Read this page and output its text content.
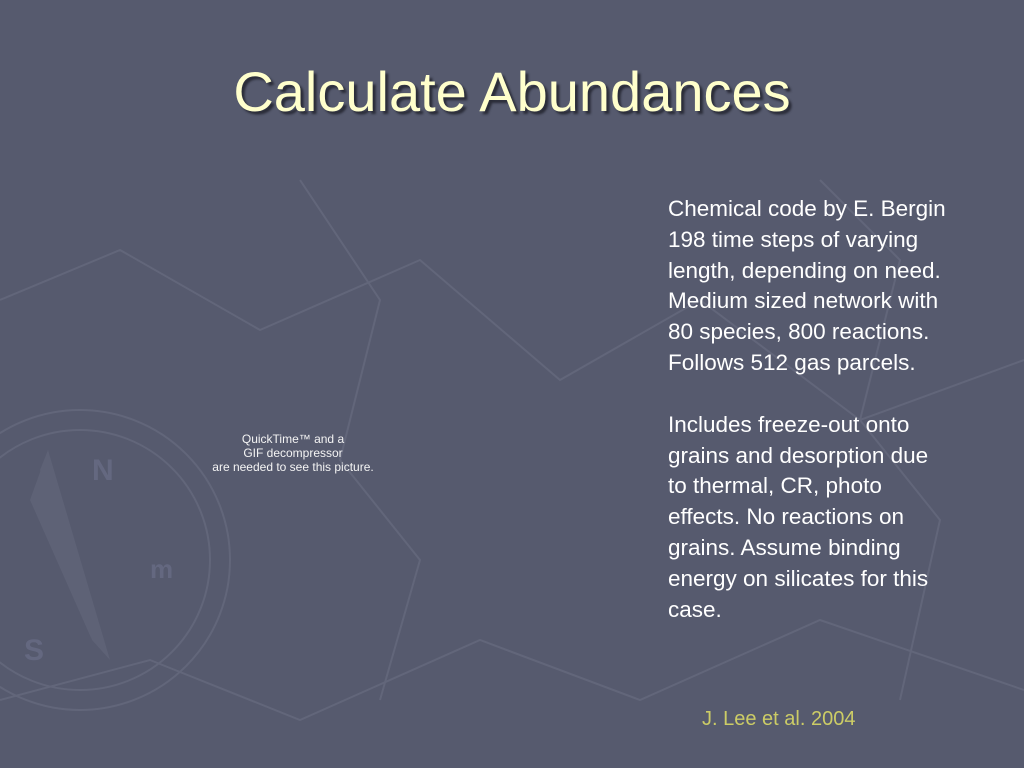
N
m
S
Calculate Abundances
QuickTime™ and a
GIF decompressor
are needed to see this picture.

Chemical code by E. Bergin
198 time steps of varying
length, depending on need.
Medium sized network with
80 species, 800 reactions.
Follows 512 gas parcels.

Includes freeze-out onto
grains and desorption due
to thermal, CR, photo
effects. No reactions on
grains. Assume binding
energy on silicates for this
case.

J. Lee et al. 2004
